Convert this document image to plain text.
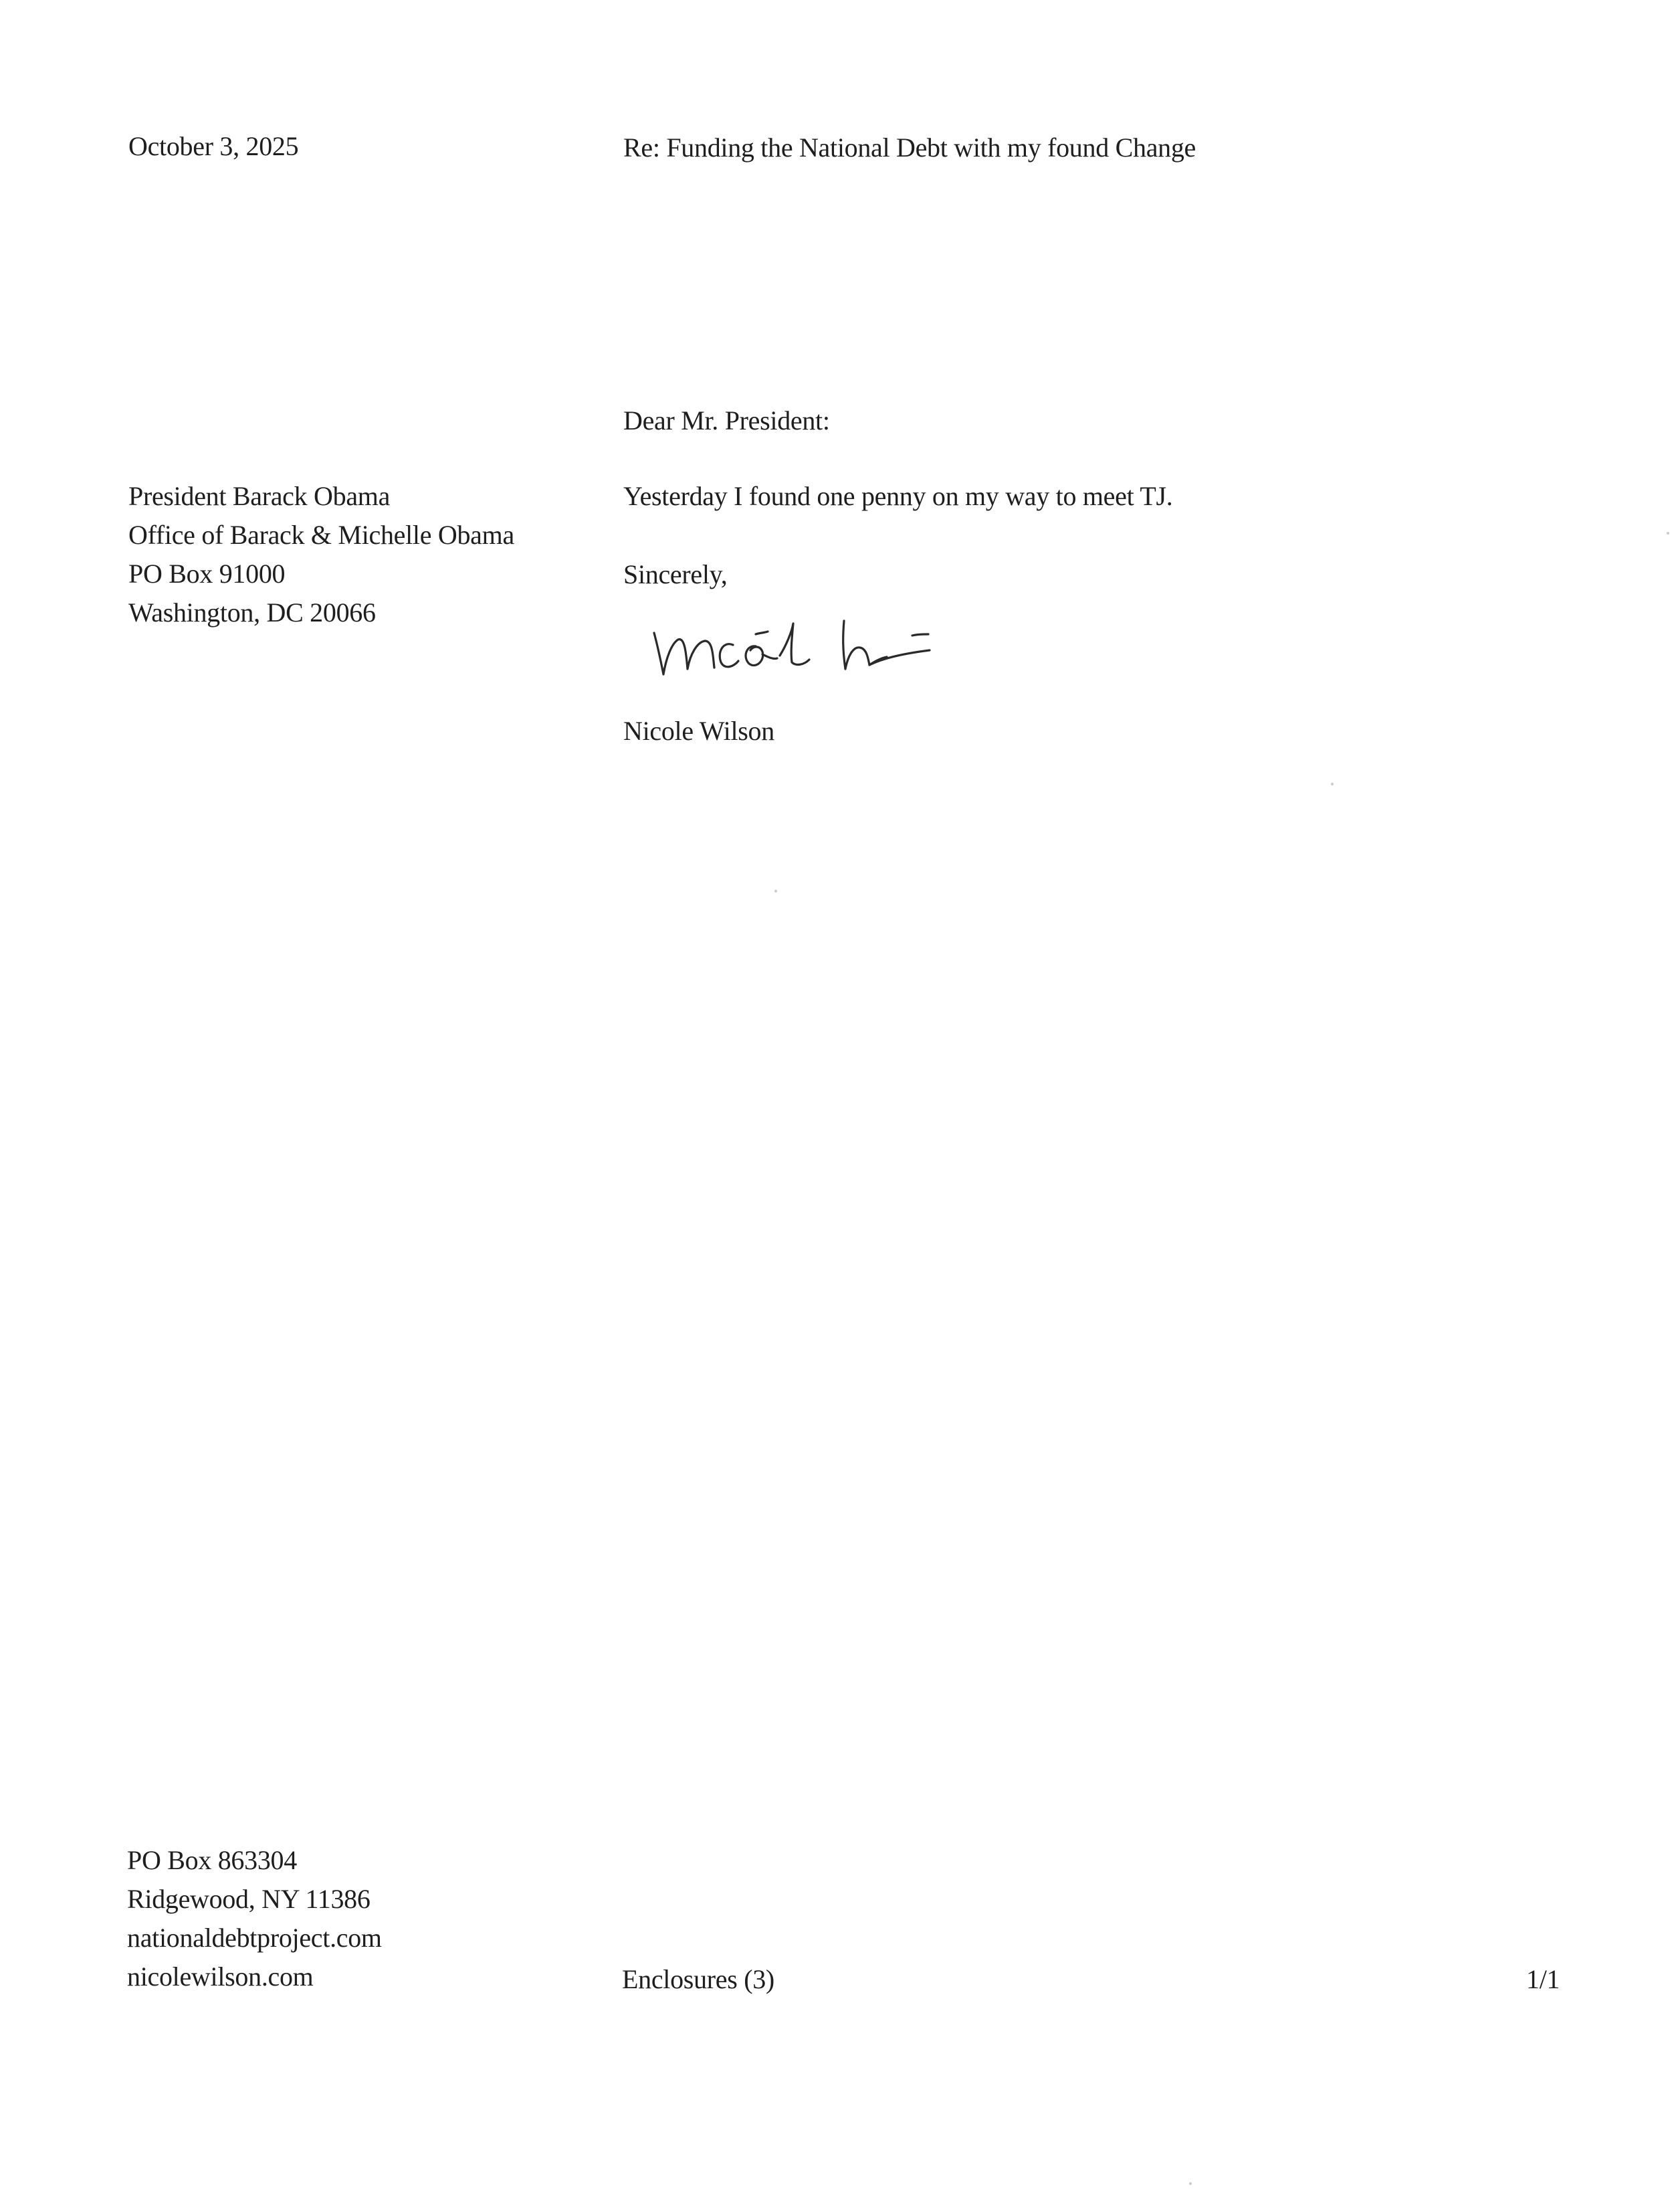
October 3, 2025	Re: Funding the National Debt with my found Change
Dear Mr. President:
President Barack Obama
Office of Barack & Michelle Obama
PO Box 91000
Washington, DC 20066
Yesterday I found one penny on my way to meet TJ.
Sincerely,
Nicole Wilson
PO Box 863304
Ridgewood, NY 11386
nationaldebtproject.com
nicolewilson.com	Enclosures (3)	1/1
